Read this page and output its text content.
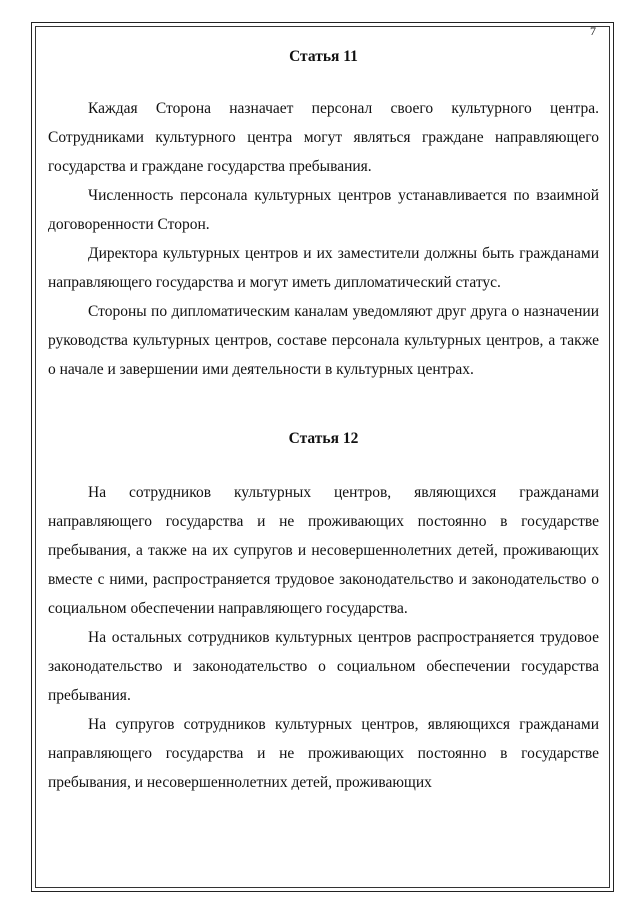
7
Статья 11

Каждая Сторона назначает персонал своего культурного центра. Сотрудниками культурного центра могут являться граждане направляющего государства и граждане государства пребывания.

Численность персонала культурных центров устанавливается по взаимной договоренности Сторон.

Директора культурных центров и их заместители должны быть гражданами направляющего государства и могут иметь дипломатический статус.

Стороны по дипломатическим каналам уведомляют друг друга о назначении руководства культурных центров, составе персонала культурных центров, а также о начале и завершении ими деятельности в культурных центрах.

Статья 12

На сотрудников культурных центров, являющихся гражданами направляющего государства и не проживающих постоянно в государстве пребывания, а также на их супругов и несовершеннолетних детей, проживающих вместе с ними, распространяется трудовое законодательство и законодательство о социальном обеспечении направляющего государства.

На остальных сотрудников культурных центров распространяется трудовое законодательство и законодательство о социальном обеспечении государства пребывания.

На супругов сотрудников культурных центров, являющихся гражданами направляющего государства и не проживающих постоянно в государстве пребывания, и несовершеннолетних детей, проживающих
